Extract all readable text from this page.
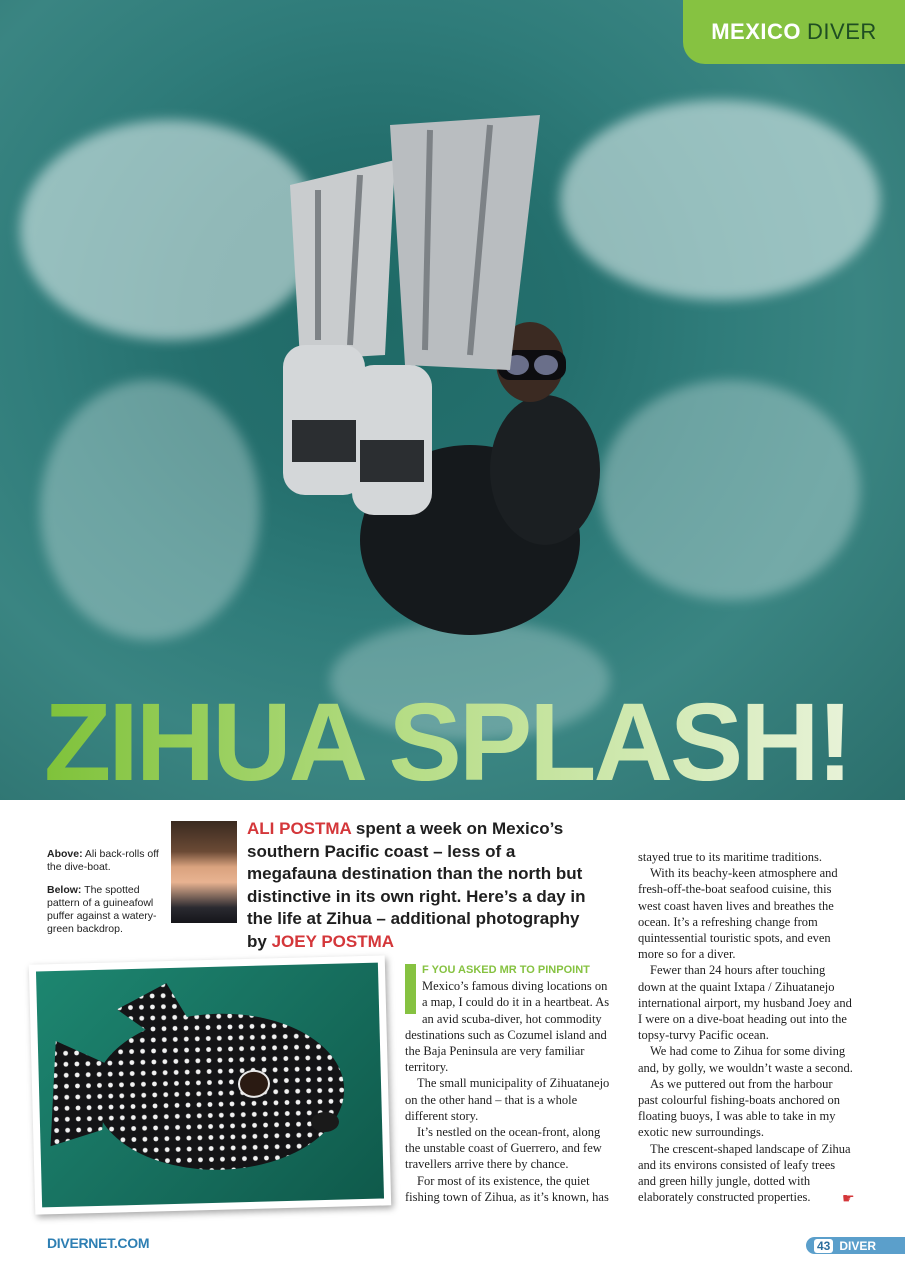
ZIHUA SPLASH!
MEXICO DIVER

Above: Ali back-rolls off the dive-boat.

Below: The spotted pattern of a guineafowl puffer against a watery-green backdrop.

ALI POSTMA spent a week on Mexico’s southern Pacific coast – less of a megafauna destination than the north but distinctive in its own right. Here’s a day in the life at Zihua – additional photography by JOEY POSTMA
F YOU ASKED MR TO PINPOINT

Mexico’s famous diving locations on a map, I could do it in a heartbeat. As an avid scuba-diver, hot commodity destinations such as Cozumel island and the Baja Peninsula are very familiar territory.

The small municipality of Zihuatanejo on the other hand – that is a whole different story.

It’s nestled on the ocean-front, along the unstable coast of Guerrero, and few travellers arrive there by chance.

For most of its existence, the quiet fishing town of Zihua, as it’s known, has

stayed true to its maritime traditions.

With its beachy-keen atmosphere and fresh-off-the-boat seafood cuisine, this west coast haven lives and breathes the ocean. It’s a refreshing change from quintessential touristic spots, and even more so for a diver.

Fewer than 24 hours after touching down at the quaint Ixtapa / Zihuatanejo international airport, my husband Joey and I were on a dive-boat heading out into the topsy-turvy Pacific ocean.

We had come to Zihua for some diving and, by golly, we wouldn’t waste a second.

As we puttered out from the harbour past colourful fishing-boats anchored on floating buoys, I was able to take in my exotic new surroundings.

The crescent-shaped landscape of Zihua and its environs consisted of leafy trees and green hilly jungle, dotted with elaborately constructed properties.	☛
DIVERNET.COM	43 DIVER
